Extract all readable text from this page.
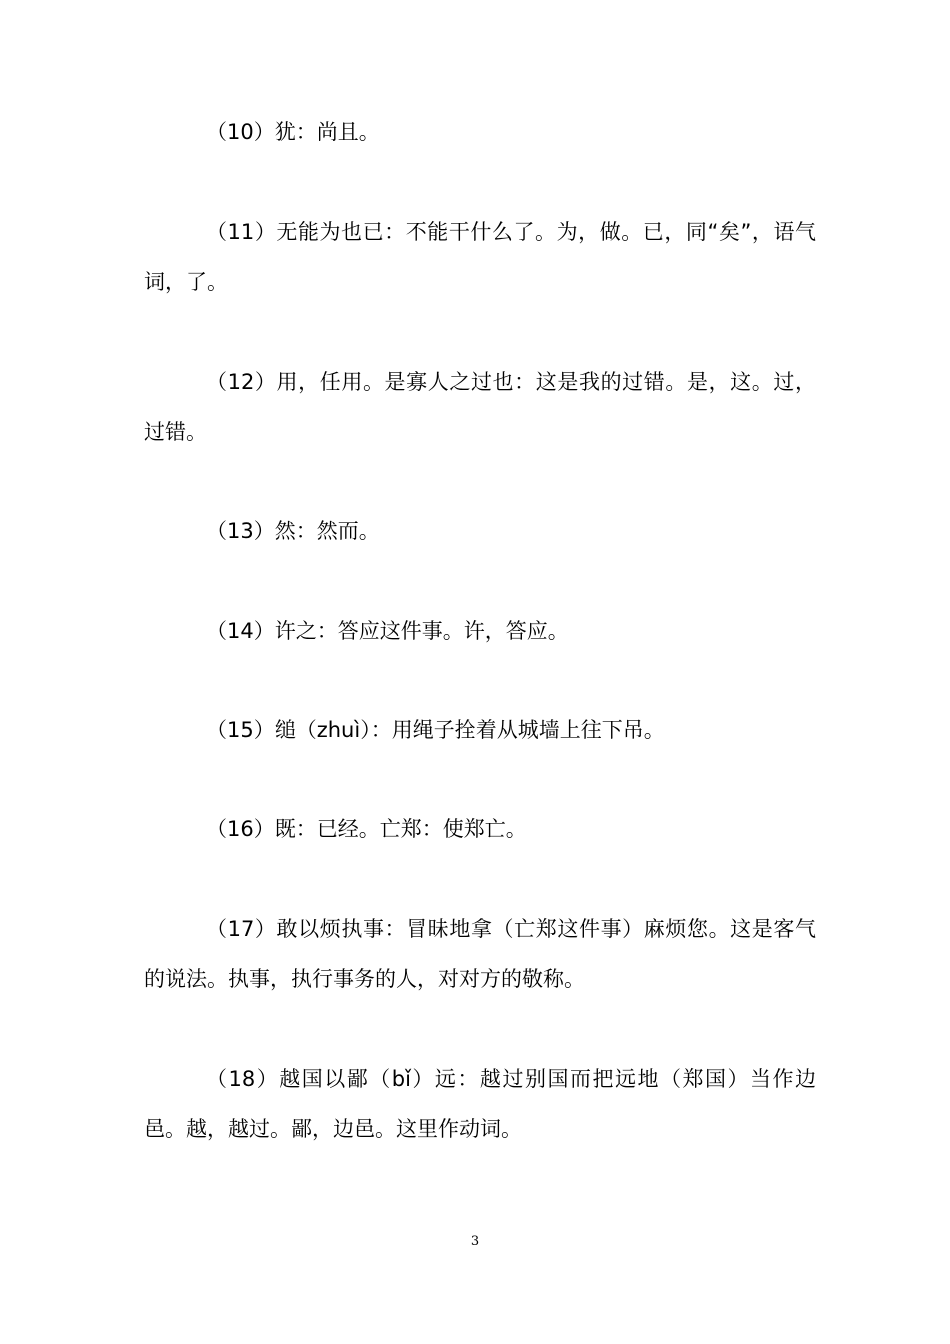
（10）犹：尚且。

（11）无能为也已：不能干什么了。为，做。已，同“矣”，语气词，了。

（12）用，任用。是寡人之过也：这是我的过错。是，这。过，过错。

（13）然：然而。

（14）许之：答应这件事。许，答应。

（15）缒（zhuì）：用绳子拴着从城墙上往下吊。

（16）既：已经。亡郑：使郑亡。

（17）敢以烦执事：冒昧地拿（亡郑这件事）麻烦您。这是客气的说法。执事，执行事务的人，对对方的敬称。

（18）越国以鄙（bǐ）远：越过别国而把远地（郑国）当作边邑。越，越过。鄙，边邑。这里作动词。

3
